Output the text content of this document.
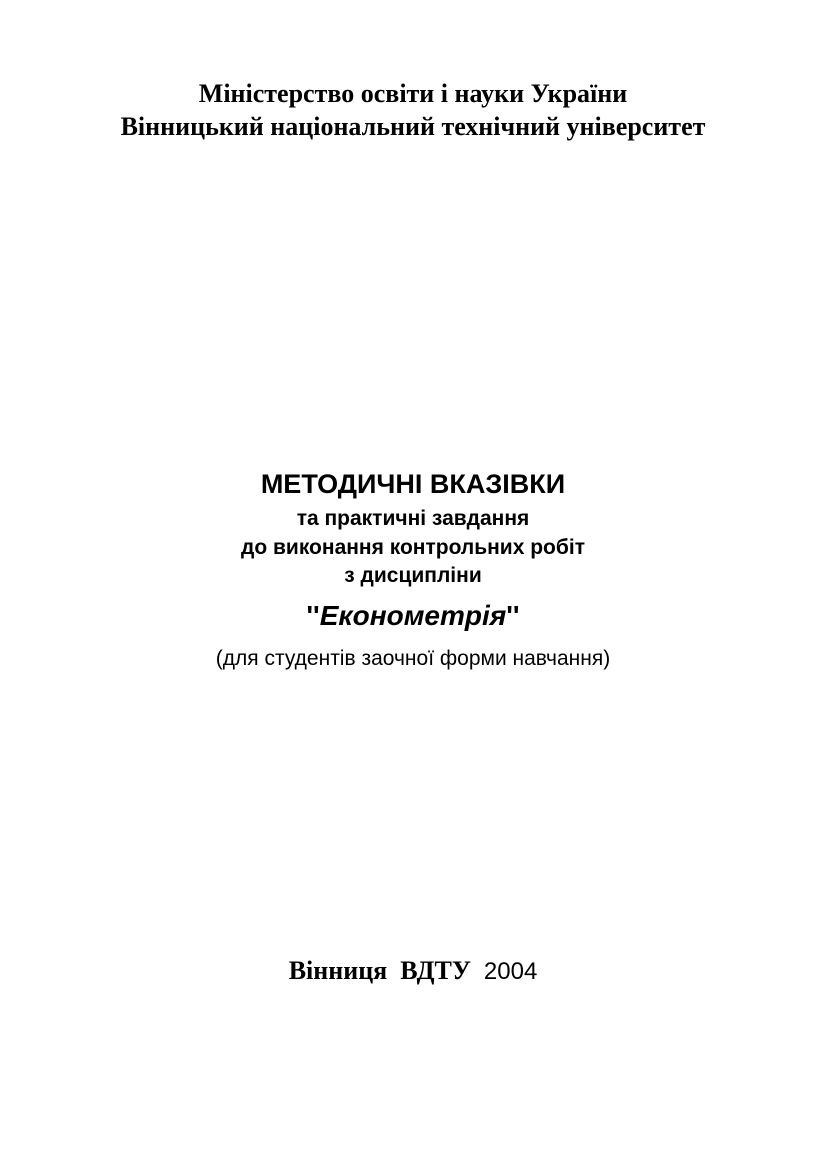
Міністерство освіти і науки України
Вінницький національний технічний університет
МЕТОДИЧНІ ВКАЗІВКИ
та практичні завдання
до виконання контрольних робіт
з дисципліни
''Економетрія''
(для студентів заочної форми навчання)
Вінниця ВДТУ 2004
